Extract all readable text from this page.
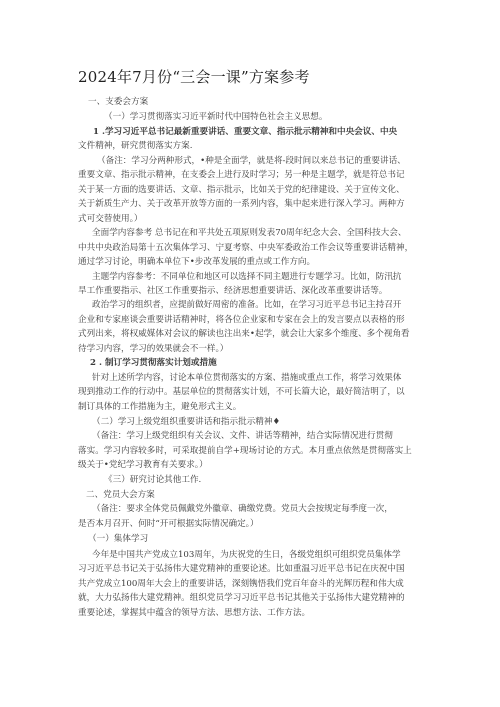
2024年7月份“三会一课”方案参考
一、支委会方案
（一）学习贯彻落实习近平新时代中国特色社会主义思想。
1 .学习习近平总书记最新重要讲话、重要文章、指示批示精神和中央会议、中央
文件精神，研究贯彻落实方案.
（备注：学习分两种形式，•种是全面学，就是将-段时间以来总书记的重要讲话、
重要文章、指示批示精神，在支委会上进行及时学习；另一种是主题学，就是符总书记
关于某一方面的选要讲话、文章、指示批示，比如关于党的纪律建设、关于宣传文化、
关于新质生产力、关于改革开放等方面的一系列内容，集中起来进行深入学习。两种方
式可交替使用。）
全面学内容参考 总书记在和平共处五项原则发表70周年纪念大会、全国科技大会、
中共中央政治局第十五次集体学习、宁夏考察、中央军委政治工作会议等重要讲话精神，
通过学习讨论，明确本单位下•步改革发展的重点或工作方向。
主题学内容参考：不同单位和地区可以选择不同主题进行专题学习。比如，防汛抗
旱工作重要指示、社区工作重要指示、经济思想重要讲话、深化改革重要讲话等。
政治学习的组织者，应提前做好周密的准备。比如，在学习习近平总书记主持召开
企业和专家座谈会重要讲话精神时，将各位企业家和专家在会上的发言要点以表格的形
式列出来，将权威媒体对会议的解读也注出来•起学，就会让大家多个维度、多个视角看
待学习内容，学习的效果就会不一样。）
2 . 制订学习贯彻落实计划或措施
针对上述所学内容，讨论本单位贯彻落实的方案、措施或重点工作，将学习效果体
现到推动工作的行动中。基层单位的贯彻落实计划，不可长篇大论，最好简洁明了，以
制订具体的工作措施为主，避免形式主义。
（二）学习上级党组织重要讲话和指示批示精神♦
（备注：学习上级党组织有关会议、文件、讲话等精神，结合实际情况进行贯彻
落实。学习内容较多时，可采取提前自学+现场讨论的方式。本月重点依然是贯彻落实上
级关于•党纪学习教育有关要求。）
《三）研究讨论其他工作.
二、党员大会方案
（备注：要求全体党员佩戴党外徽章、确缴党费。党员大会按规定每季度一次，
是否本月召开、何时“开可根据实际情况确定。）
（一）集体学习
今年是中国共产党成立103周年，为庆祝党的生日，各级党组织可组织党员集体学
习习近平总书记关于弘扬伟大建党精神的重要论述。比如重温习近平总书记在庆祝中国
共产党成立100周年大会上的重要讲话，深刻镌悟我们党百年奋斗的光辉历程和伟大成
就，大力弘扬伟大建党精神。组织党员学习习近平总书记其他关于弘扬伟大建党精神的
重要论述，掌握其中蕴含的领导方法、思想方法、工作方法。
